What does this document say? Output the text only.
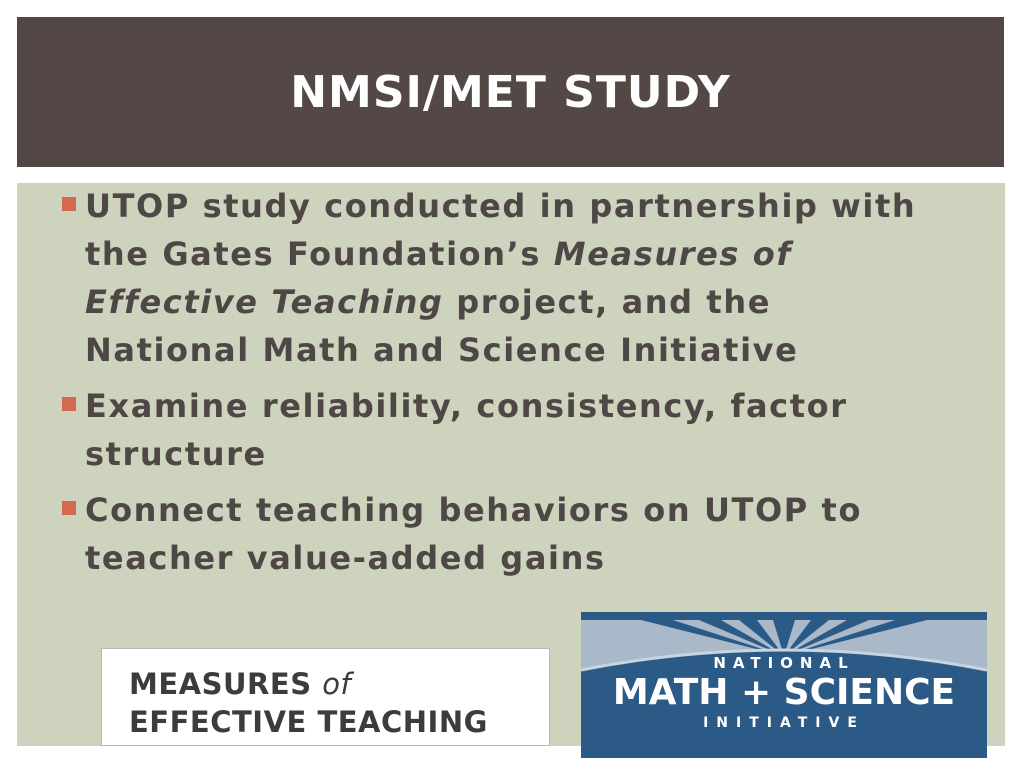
NMSI/MET STUDY
UTOP study conducted in partnership with the Gates Foundation’s Measures of Effective Teaching project, and the National Math and Science Initiative
Examine reliability, consistency, factor structure
Connect teaching behaviors on UTOP to teacher value-added gains
MEASURES of
EFFECTIVE TEACHING
NATIONAL
MATH + SCIENCE
INITIATIVE
